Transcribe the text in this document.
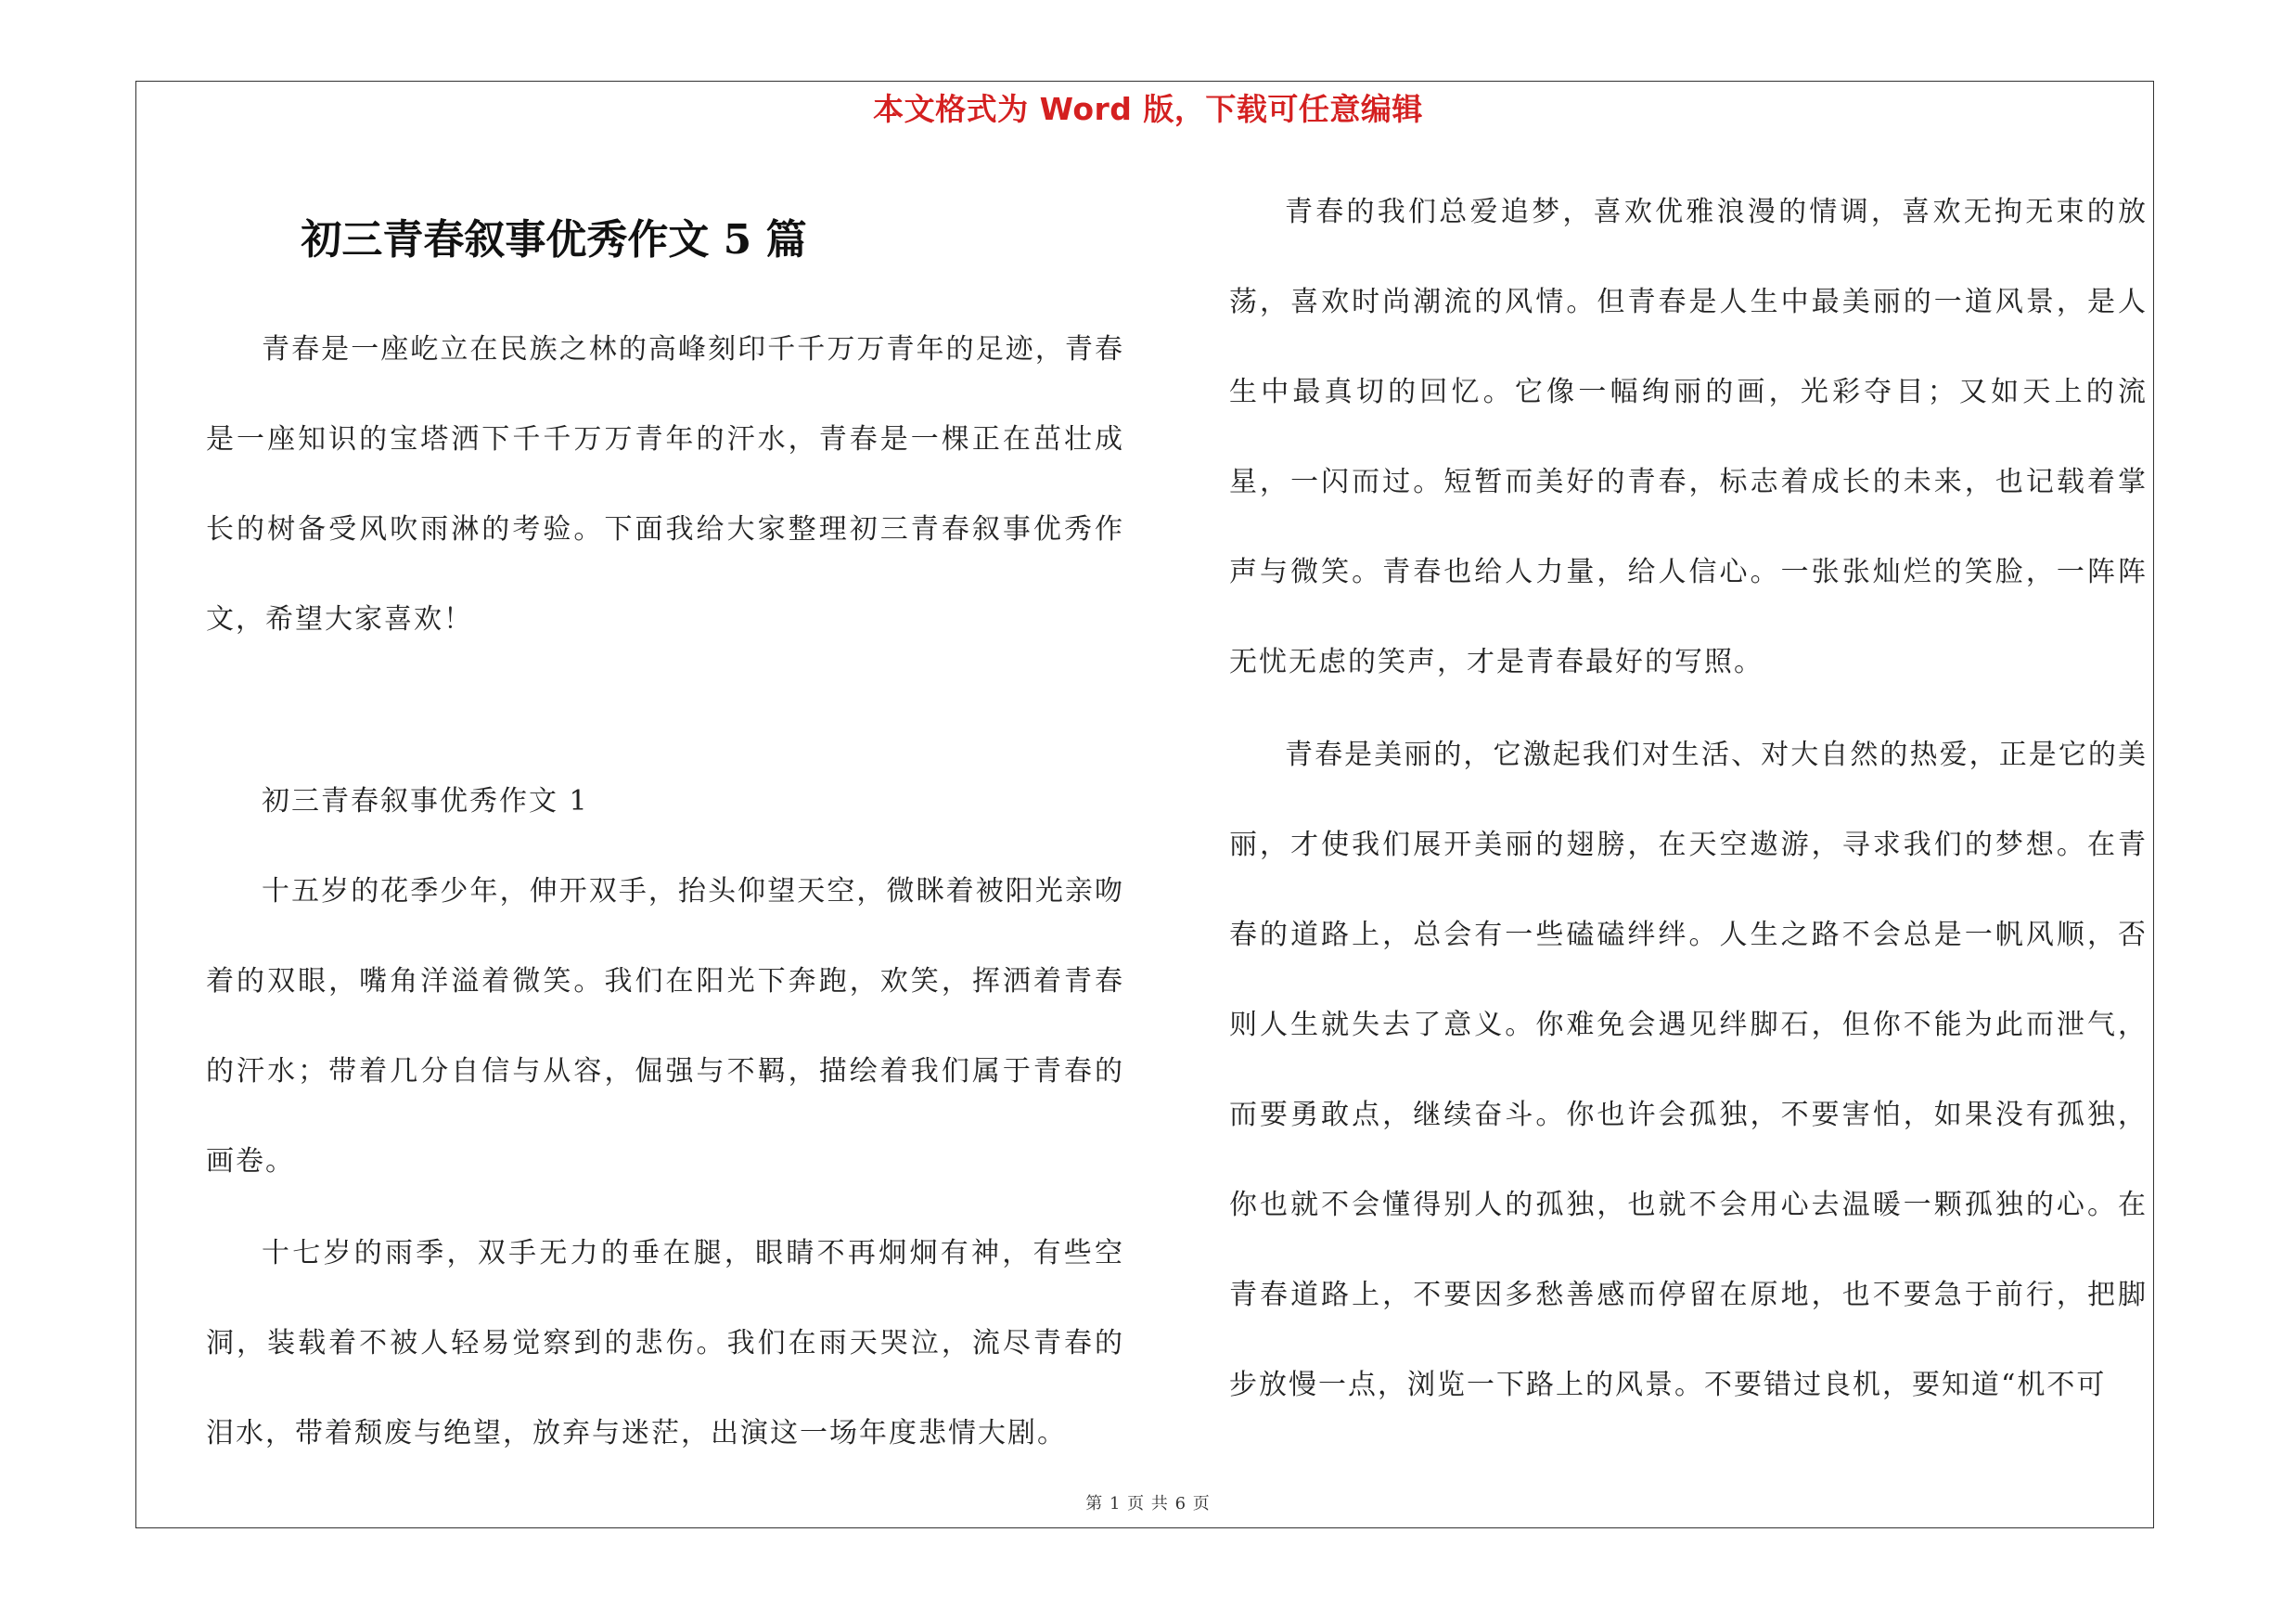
本文格式为 Word 版，下载可任意编辑
初三青春叙事优秀作文 5 篇

青春是一座屹立在民族之林的高峰刻印千千万万青年的足迹，青春是一座知识的宝塔洒下千千万万青年的汗水，青春是一棵正在茁壮成长的树备受风吹雨淋的考验。下面我给大家整理初三青春叙事优秀作文，希望大家喜欢！

初三青春叙事优秀作文 1

十五岁的花季少年，伸开双手，抬头仰望天空，微眯着被阳光亲吻着的双眼，嘴角洋溢着微笑。我们在阳光下奔跑，欢笑，挥洒着青春的汗水；带着几分自信与从容，倔强与不羁，描绘着我们属于青春的画卷。

十七岁的雨季，双手无力的垂在腿，眼睛不再炯炯有神，有些空洞，装载着不被人轻易觉察到的悲伤。我们在雨天哭泣，流尽青春的泪水，带着颓废与绝望，放弃与迷茫，出演这一场年度悲情大剧。

青春的我们总爱追梦，喜欢优雅浪漫的情调，喜欢无拘无束的放荡，喜欢时尚潮流的风情。但青春是人生中最美丽的一道风景，是人生中最真切的回忆。它像一幅绚丽的画，光彩夺目；又如天上的流星，一闪而过。短暂而美好的青春，标志着成长的未来，也记载着掌声与微笑。青春也给人力量，给人信心。一张张灿烂的笑脸，一阵阵无忧无虑的笑声，才是青春最好的写照。

青春是美丽的，它激起我们对生活、对大自然的热爱，正是它的美丽，才使我们展开美丽的翅膀，在天空遨游，寻求我们的梦想。在青春的道路上，总会有一些磕磕绊绊。人生之路不会总是一帆风顺，否则人生就失去了意义。你难免会遇见绊脚石，但你不能为此而泄气，而要勇敢点，继续奋斗。你也许会孤独，不要害怕，如果没有孤独，你也就不会懂得别人的孤独，也就不会用心去温暖一颗孤独的心。在青春道路上，不要因多愁善感而停留在原地，也不要急于前行，把脚步放慢一点，浏览一下路上的风景。不要错过良机，要知道“机不可

第 1 页 共 6 页
